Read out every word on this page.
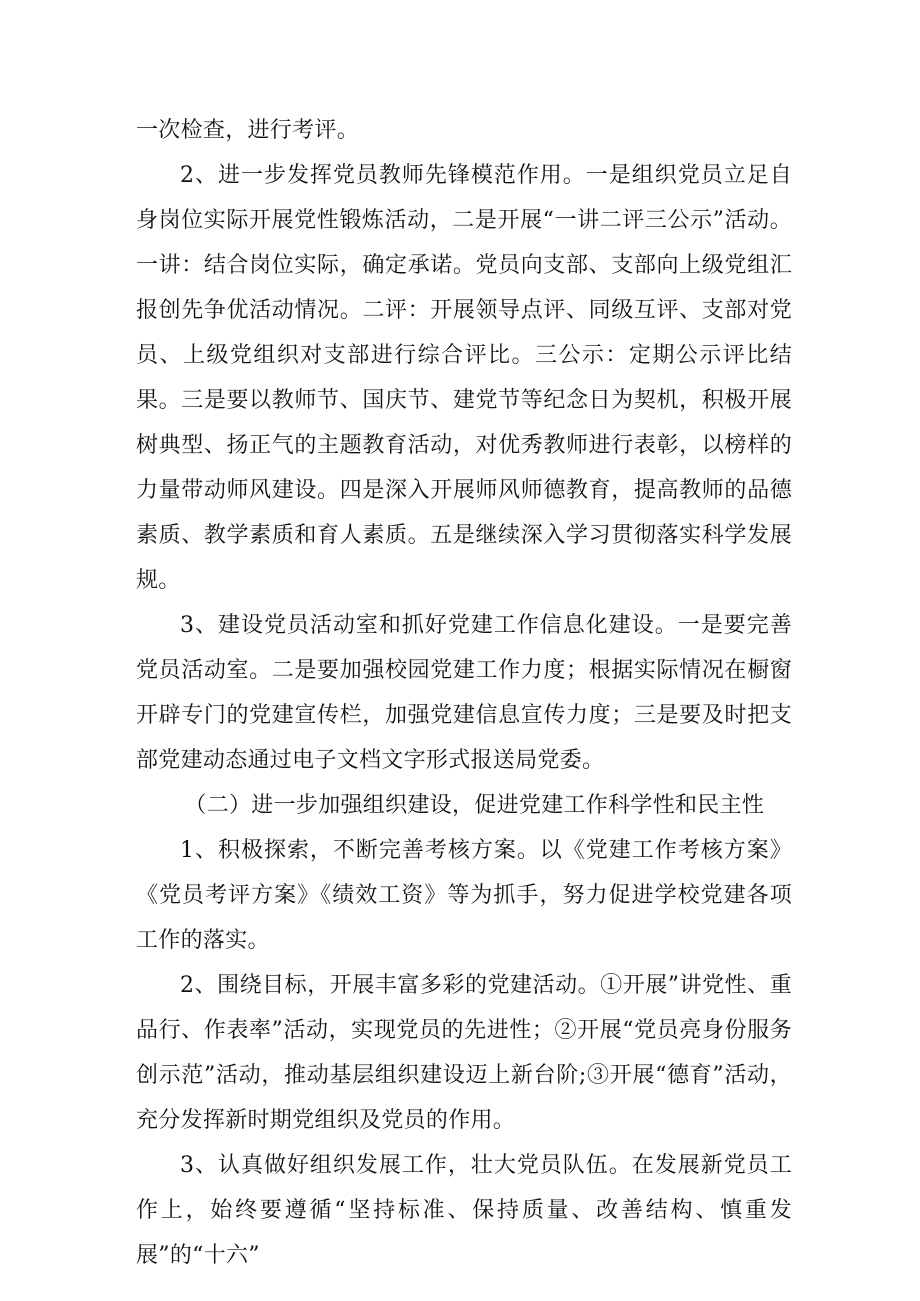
一次检查，进行考评。

2、进一步发挥党员教师先锋模范作用。一是组织党员立足自身岗位实际开展党性锻炼活动，二是开展“一讲二评三公示”活动。一讲：结合岗位实际，确定承诺。党员向支部、支部向上级党组汇报创先争优活动情况。二评：开展领导点评、同级互评、支部对党员、上级党组织对支部进行综合评比。三公示：定期公示评比结果。三是要以教师节、国庆节、建党节等纪念日为契机，积极开展树典型、扬正气的主题教育活动，对优秀教师进行表彰，以榜样的力量带动师风建设。四是深入开展师风师德教育，提高教师的品德素质、教学素质和育人素质。五是继续深入学习贯彻落实科学发展规。

3、建设党员活动室和抓好党建工作信息化建设。一是要完善党员活动室。二是要加强校园党建工作力度；根据实际情况在橱窗开辟专门的党建宣传栏，加强党建信息宣传力度；三是要及时把支部党建动态通过电子文档文字形式报送局党委。

（二）进一步加强组织建设，促进党建工作科学性和民主性

1、积极探索，不断完善考核方案。以《党建工作考核方案》《党员考评方案》《绩效工资》等为抓手，努力促进学校党建各项工作的落实。

2、围绕目标，开展丰富多彩的党建活动。①开展”讲党性、重品行、作表率”活动，实现党员的先进性；②开展“党员亮身份服务创示范”活动，推动基层组织建设迈上新台阶;③开展“德育”活动，充分发挥新时期党组织及党员的作用。

3、认真做好组织发展工作，壮大党员队伍。在发展新党员工作上，始终要遵循“坚持标准、保持质量、改善结构、慎重发展”的“十六”
